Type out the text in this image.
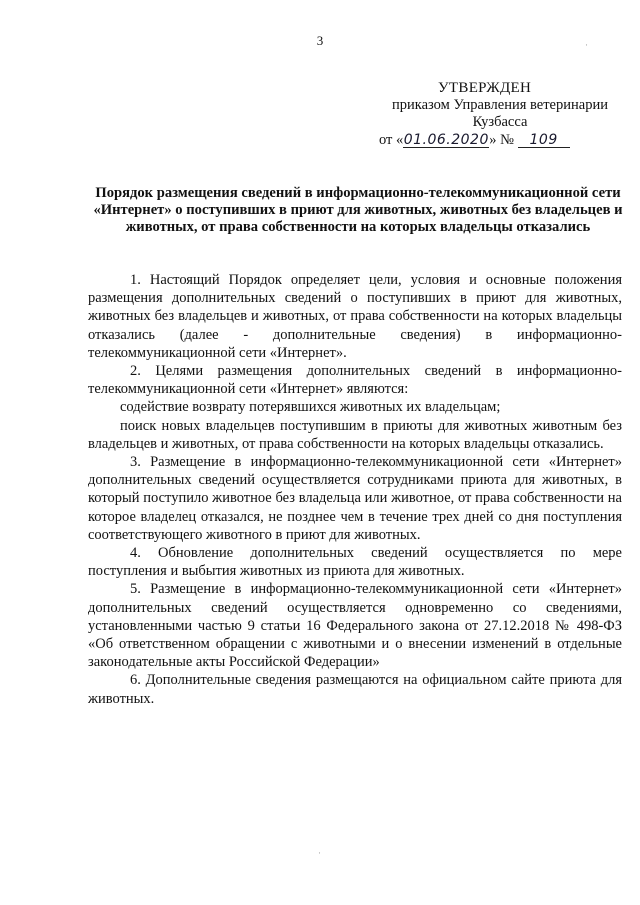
3
УТВЕРЖДЕН
приказом Управления ветеринарии
Кузбасса
от «01.06.2020» № 109
Порядок размещения сведений в информационно-телекоммуникационной сети «Интернет» о поступивших в приют для животных, животных без владельцев и животных, от права собственности на которых владельцы отказались

1. Настоящий Порядок определяет цели, условия и основные положения размещения дополнительных сведений о поступивших в приют для животных, животных без владельцев и животных, от права собственности на которых владельцы отказались (далее - дополнительные сведения) в информационно-телекоммуникационной сети «Интернет».

2. Целями размещения дополнительных сведений в информационно-телекоммуникационной сети «Интернет» являются:

содействие возврату потерявшихся животных их владельцам;

поиск новых владельцев поступившим в приюты для животных животным без владельцев и животных, от права собственности на которых владельцы отказались.

3. Размещение в информационно-телекоммуникационной сети «Интернет» дополнительных сведений осуществляется сотрудниками приюта для животных, в который поступило животное без владельца или животное, от права собственности на которое владелец отказался, не позднее чем в течение трех дней со дня поступления соответствующего животного в приют для животных.

4. Обновление дополнительных сведений осуществляется по мере поступления и выбытия животных из приюта для животных.

5. Размещение в информационно-телекоммуникационной сети «Интернет» дополнительных сведений осуществляется одновременно со сведениями, установленными частью 9 статьи 16 Федерального закона от 27.12.2018 № 498-ФЗ «Об ответственном обращении с животными и о внесении изменений в отдельные законодательные акты Российской Федерации»

6. Дополнительные сведения размещаются на официальном сайте приюта для животных.

·
·
